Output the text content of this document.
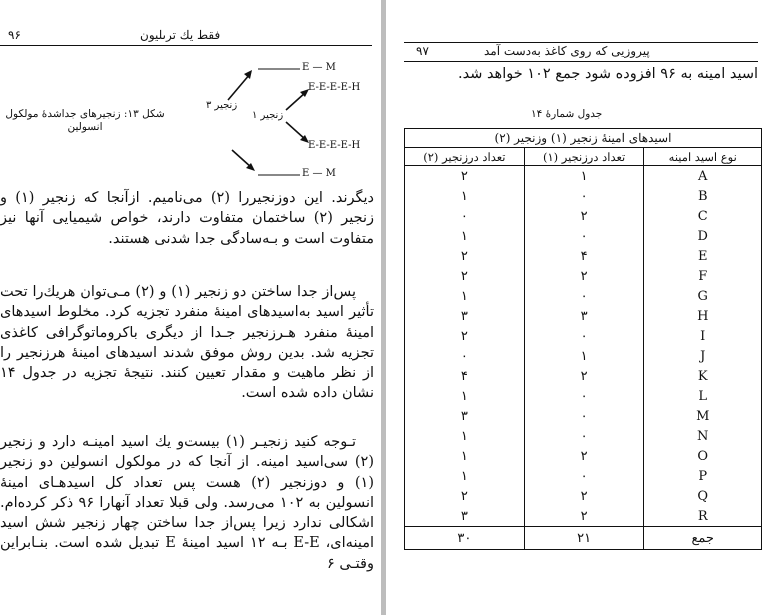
۹۶	فقط یك ترىلیون
E — M
E-E-E-E-H
E-E-E-E-H
E — M
زنجیر ۱
زنجیر ۳
شکل ۱۳: زنجیرهای جداشدهٔ مولکول انسولین

دیگرند. این دوزنجیررا (۲) می‌نامیم. ازآنجا که زنجیر (۱) و زنجیر (۲) ساختمان متفاوت دارند، خواص شیمیایی آنها نیز متفاوت است و بـه‌سادگی جدا شدنی هستند.

پس‌از جدا ساختن دو زنجیر (۱) و (۲) مـی‌توان هریك‌را تحت تأثیر اسید به‌اسیدهای امینهٔ منفرد تجزیه کرد. مخلوط اسیدهای امینهٔ منفرد هـرزنجیر جـدا از دیگری باکروماتوگرافی کاغذی تجزیه شد. بدین روش موفق شدند اسیدهای امینهٔ هرزنجیر را از نظر ماهیت و مقدار تعیین کنند. نتیجهٔ تجزیه در جدول ۱۴ نشان داده شده است.

تـوجه کنید زنجیـر (۱) بیست‌و یك اسید امینـه دارد و زنجیر (۲) سی‌اسید امینه. از آنجا که در مولکول انسولین دو زنجیر (۱) و دوزنجیر (۲) هست پس تعداد کل اسیدهـای امینهٔ انسولین به ۱۰۲ می‌رسد. ولی قبلا تعداد آنهارا ۹۶ ذکر کرده‌ام. اشکالی ندارد زیرا پس‌از جدا ساختن چهار زنجیر شش اسید امینه‌ای، E-E بـه ۱۲ اسید امینهٔ E تبدیل شده است. بنـابراین وقتـی ۶

پیروزیی که روی کاغذ به‌دست آمد
۹۷

اسید امینه به ۹۶ افزوده شود جمع ۱۰۲ خواهد شد.

جدول شمارهٔ ۱۴
اسیدهای امینهٔ زنجیر (۱) وزنجیر (۲)		
نوع اسید امینه	تعداد درزنجیر (۱)	تعداد درزنجیر (۲)
A	۱	۲
B	۰	۱
C	۲	۰
D	۰	۱
E	۴	۲
F	۲	۲
G	۰	۱
H	۳	۳
I	۰	۲
J	۱	۰
K	۲	۴
L	۰	۱
M	۰	۳
N	۰	۱
O	۲	۱
P	۰	۱
Q	۲	۲
R	۲	۳
جمع	۲۱	۳۰
